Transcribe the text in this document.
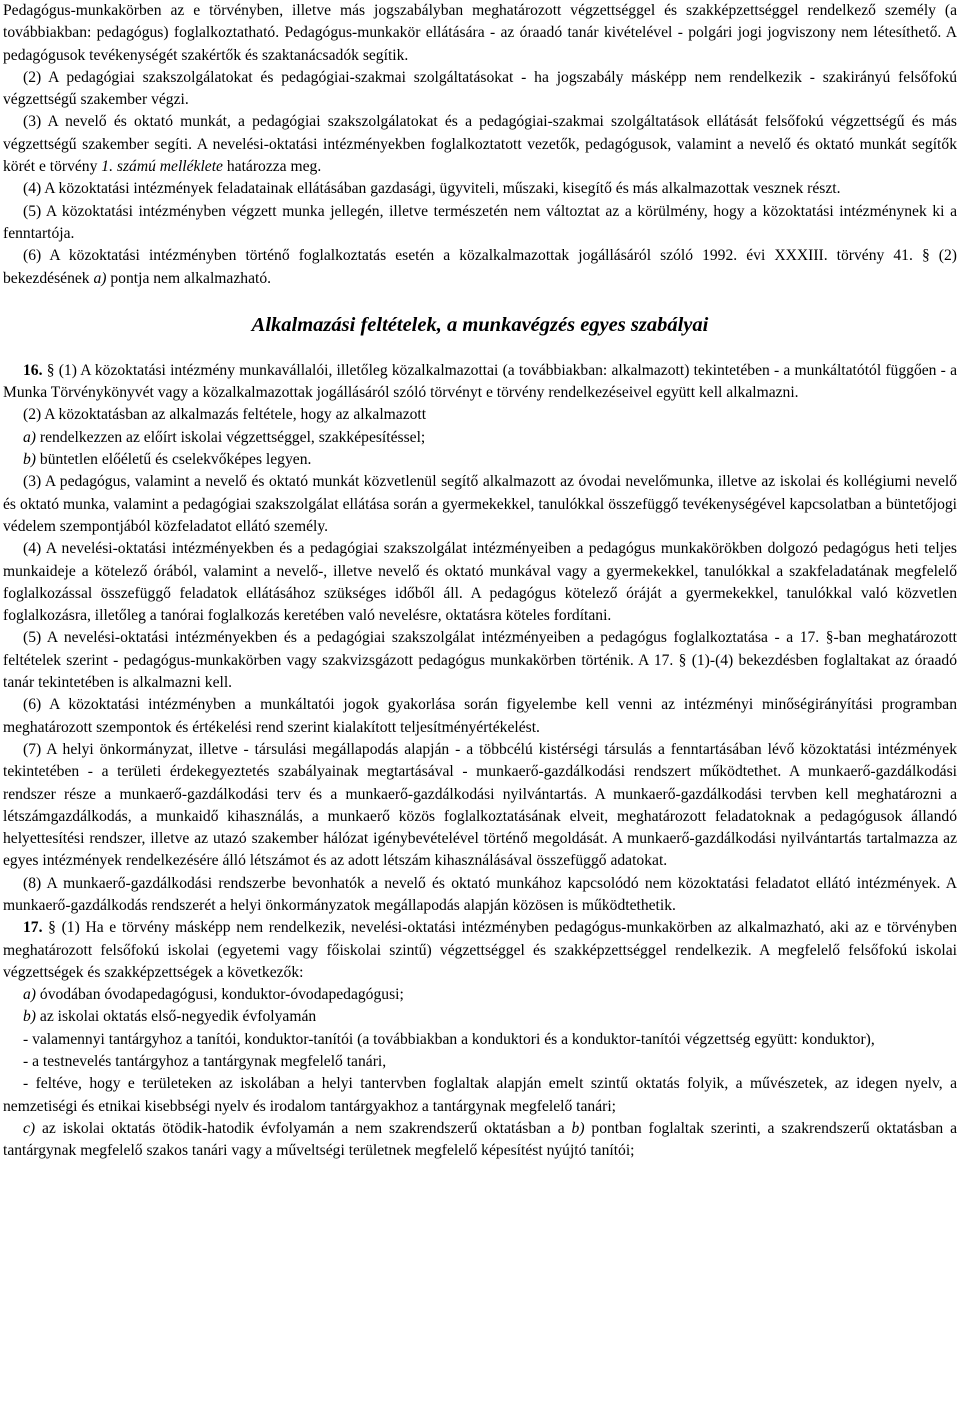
Pedagógus-munkakörben az e törvényben, illetve más jogszabályban meghatározott végzettséggel és szakképzettséggel rendelkező személy (a továbbiakban: pedagógus) foglalkoztatható. Pedagógus-munkakör ellátására - az óraadó tanár kivételével - polgári jogi jogviszony nem létesíthető. A pedagógusok tevékenységét szakértők és szaktanácsadók segítik.

(2) A pedagógiai szakszolgálatokat és pedagógiai-szakmai szolgáltatásokat - ha jogszabály másképp nem rendelkezik - szakirányú felsőfokú végzettségű szakember végzi.

(3) A nevelő és oktató munkát, a pedagógiai szakszolgálatokat és a pedagógiai-szakmai szolgáltatások ellátását felsőfokú végzettségű és más végzettségű szakember segíti. A nevelési-oktatási intézményekben foglalkoztatott vezetők, pedagógusok, valamint a nevelő és oktató munkát segítők körét e törvény 1. számú melléklete határozza meg.

(4) A közoktatási intézmények feladatainak ellátásában gazdasági, ügyviteli, műszaki, kisegítő és más alkalmazottak vesznek részt.

(5) A közoktatási intézményben végzett munka jellegén, illetve természetén nem változtat az a körülmény, hogy a közoktatási intézménynek ki a fenntartója.

(6) A közoktatási intézményben történő foglalkoztatás esetén a közalkalmazottak jogállásáról szóló 1992. évi XXXIII. törvény 41. § (2) bekezdésének a) pontja nem alkalmazható.

Alkalmazási feltételek, a munkavégzés egyes szabályai

16. § (1) A közoktatási intézmény munkavállalói, illetőleg közalkalmazottai (a továbbiakban: alkalmazott) tekintetében - a munkáltatótól függően - a Munka Törvénykönyvét vagy a közalkalmazottak jogállásáról szóló törvényt e törvény rendelkezéseivel együtt kell alkalmazni.

(2) A közoktatásban az alkalmazás feltétele, hogy az alkalmazott

a) rendelkezzen az előírt iskolai végzettséggel, szakképesítéssel;

b) büntetlen előéletű és cselekvőképes legyen.

(3) A pedagógus, valamint a nevelő és oktató munkát közvetlenül segítő alkalmazott az óvodai nevelőmunka, illetve az iskolai és kollégiumi nevelő és oktató munka, valamint a pedagógiai szakszolgálat ellátása során a gyermekekkel, tanulókkal összefüggő tevékenységével kapcsolatban a büntetőjogi védelem szempontjából közfeladatot ellátó személy.

(4) A nevelési-oktatási intézményekben és a pedagógiai szakszolgálat intézményeiben a pedagógus munkakörökben dolgozó pedagógus heti teljes munkaideje a kötelező órából, valamint a nevelő-, illetve nevelő és oktató munkával vagy a gyermekekkel, tanulókkal a szakfeladatának megfelelő foglalkozással összefüggő feladatok ellátásához szükséges időből áll. A pedagógus kötelező óráját a gyermekekkel, tanulókkal való közvetlen foglalkozásra, illetőleg a tanórai foglalkozás keretében való nevelésre, oktatásra köteles fordítani.

(5) A nevelési-oktatási intézményekben és a pedagógiai szakszolgálat intézményeiben a pedagógus foglalkoztatása - a 17. §-ban meghatározott feltételek szerint - pedagógus-munkakörben vagy szakvizsgázott pedagógus munkakörben történik. A 17. § (1)-(4) bekezdésben foglaltakat az óraadó tanár tekintetében is alkalmazni kell.

(6) A közoktatási intézményben a munkáltatói jogok gyakorlása során figyelembe kell venni az intézményi minőségirányítási programban meghatározott szempontok és értékelési rend szerint kialakított teljesítményértékelést.

(7) A helyi önkormányzat, illetve - társulási megállapodás alapján - a többcélú kistérségi társulás a fenntartásában lévő közoktatási intézmények tekintetében - a területi érdekegyeztetés szabályainak megtartásával - munkaerő-gazdálkodási rendszert működtethet. A munkaerő-gazdálkodási rendszer része a munkaerő-gazdálkodási terv és a munkaerő-gazdálkodási nyilvántartás. A munkaerő-gazdálkodási tervben kell meghatározni a létszámgazdálkodás, a munkaidő kihasználás, a munkaerő közös foglalkoztatásának elveit, meghatározott feladatoknak a pedagógusok állandó helyettesítési rendszer, illetve az utazó szakember hálózat igénybevételével történő megoldását. A munkaerő-gazdálkodási nyilvántartás tartalmazza az egyes intézmények rendelkezésére álló létszámot és az adott létszám kihasználásával összefüggő adatokat.

(8) A munkaerő-gazdálkodási rendszerbe bevonhatók a nevelő és oktató munkához kapcsolódó nem közoktatási feladatot ellátó intézmények. A munkaerő-gazdálkodás rendszerét a helyi önkormányzatok megállapodás alapján közösen is működtethetik.

17. § (1) Ha e törvény másképp nem rendelkezik, nevelési-oktatási intézményben pedagógus-munkakörben az alkalmazható, aki az e törvényben meghatározott felsőfokú iskolai (egyetemi vagy főiskolai szintű) végzettséggel és szakképzettséggel rendelkezik. A megfelelő felsőfokú iskolai végzettségek és szakképzettségek a következők:

a) óvodában óvodapedagógusi, konduktor-óvodapedagógusi;

b) az iskolai oktatás első-negyedik évfolyamán

- valamennyi tantárgyhoz a tanítói, konduktor-tanítói (a továbbiakban a konduktori és a konduktor-tanítói végzettség együtt: konduktor),

- a testnevelés tantárgyhoz a tantárgynak megfelelő tanári,

- feltéve, hogy e területeken az iskolában a helyi tantervben foglaltak alapján emelt szintű oktatás folyik, a művészetek, az idegen nyelv, a nemzetiségi és etnikai kisebbségi nyelv és irodalom tantárgyakhoz a tantárgynak megfelelő tanári;

c) az iskolai oktatás ötödik-hatodik évfolyamán a nem szakrendszerű oktatásban a b) pontban foglaltak szerinti, a szakrendszerű oktatásban a tantárgynak megfelelő szakos tanári vagy a műveltségi területnek megfelelő képesítést nyújtó tanítói;
